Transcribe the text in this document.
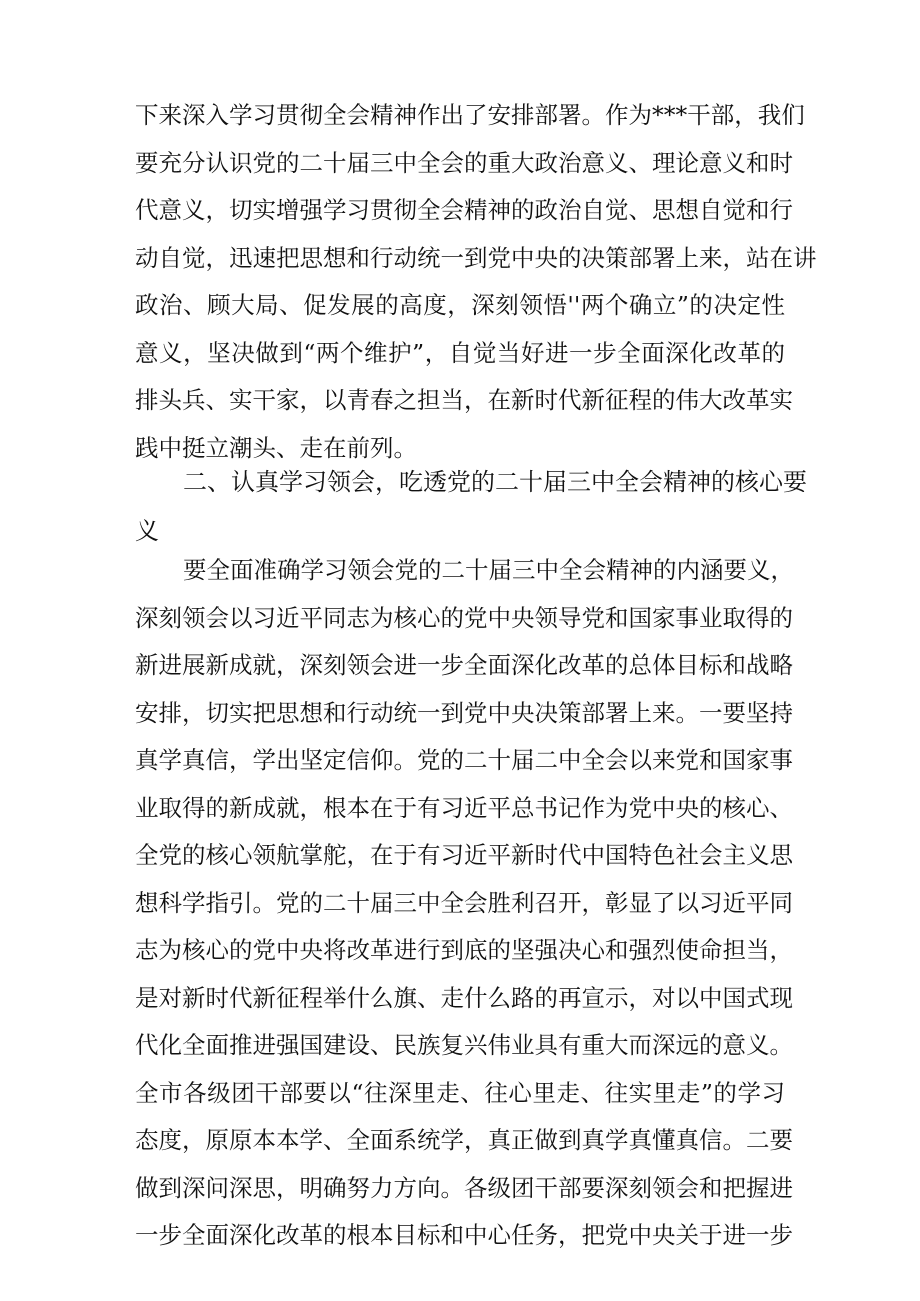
下来深入学习贯彻全会精神作出了安排部署。作为***干部，我们
要充分认识党的二十届三中全会的重大政治意义、理论意义和时
代意义，切实增强学习贯彻全会精神的政治自觉、思想自觉和行
动自觉，迅速把思想和行动统一到党中央的决策部署上来，站在讲
政治、顾大局、促发展的高度，深刻领悟''两个确立”的决定性
意义，坚决做到“两个维护”，自觉当好进一步全面深化改革的
排头兵、实干家，以青春之担当，在新时代新征程的伟大改革实
践中挺立潮头、走在前列。
二、认真学习领会，吃透党的二十届三中全会精神的核心要
义
要全面准确学习领会党的二十届三中全会精神的内涵要义，
深刻领会以习近平同志为核心的党中央领导党和国家事业取得的
新进展新成就，深刻领会进一步全面深化改革的总体目标和战略
安排，切实把思想和行动统一到党中央决策部署上来。一要坚持
真学真信，学出坚定信仰。党的二十届二中全会以来党和国家事
业取得的新成就，根本在于有习近平总书记作为党中央的核心、
全党的核心领航掌舵，在于有习近平新时代中国特色社会主义思
想科学指引。党的二十届三中全会胜利召开，彰显了以习近平同
志为核心的党中央将改革进行到底的坚强决心和强烈使命担当，
是对新时代新征程举什么旗、走什么路的再宣示，对以中国式现
代化全面推进强国建设、民族复兴伟业具有重大而深远的意义。
全市各级团干部要以“往深里走、往心里走、往实里走”的学习
态度，原原本本学、全面系统学，真正做到真学真懂真信。二要
做到深问深思，明确努力方向。各级团干部要深刻领会和把握进
一步全面深化改革的根本目标和中心任务，把党中央关于进一步
